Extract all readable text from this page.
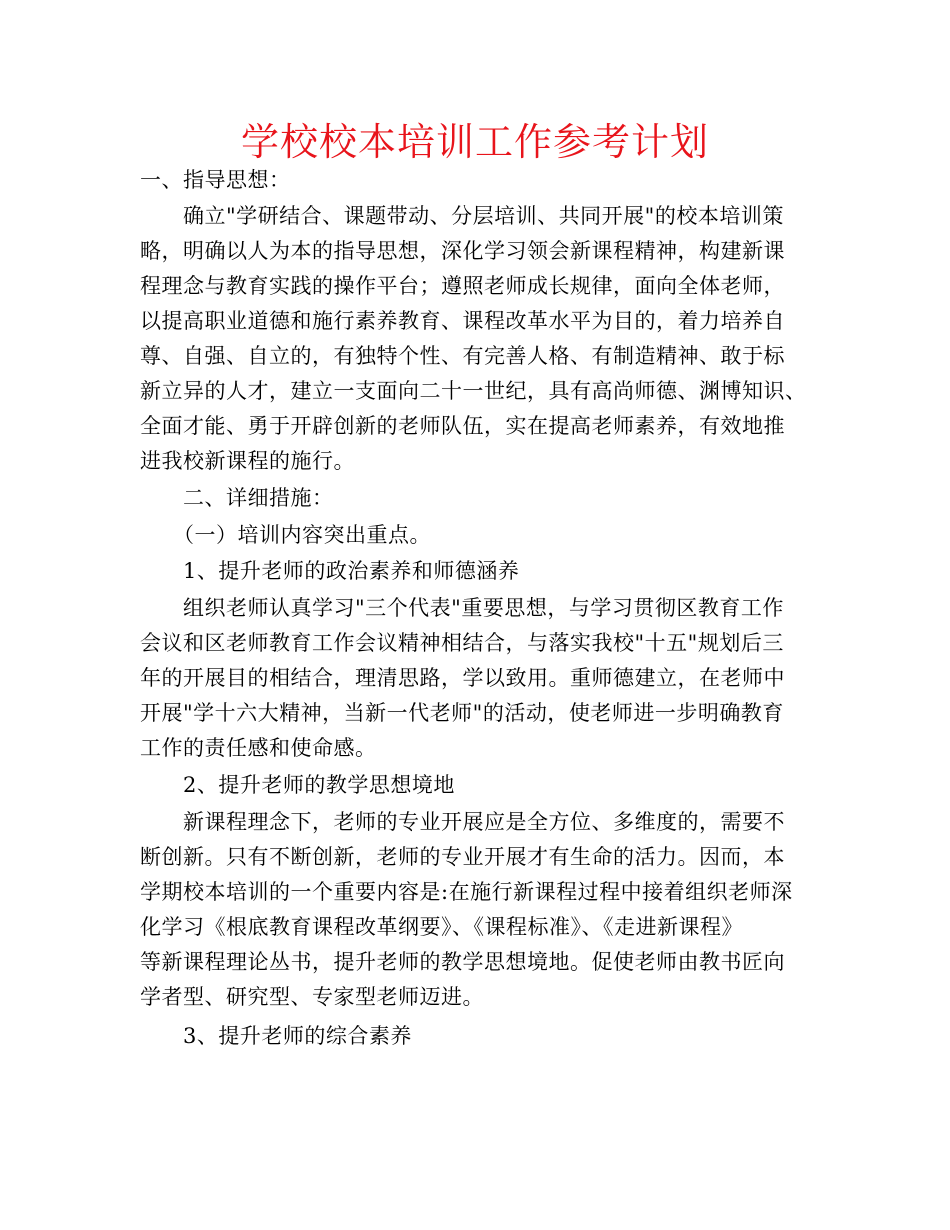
学校校本培训工作参考计划
一、指导思想：
确立"学研结合、课题带动、分层培训、共同开展"的校本培训策
略，明确以人为本的指导思想，深化学习领会新课程精神，构建新课
程理念与教育实践的操作平台；遵照老师成长规律，面向全体老师，
以提高职业道德和施行素养教育、课程改革水平为目的，着力培养自
尊、自强、自立的，有独特个性、有完善人格、有制造精神、敢于标
新立异的人才，建立一支面向二十一世纪，具有高尚师德、渊博知识、
全面才能、勇于开辟创新的老师队伍，实在提高老师素养，有效地推
进我校新课程的施行。
二、详细措施：
（一）培训内容突出重点。
1、提升老师的政治素养和师德涵养
组织老师认真学习"三个代表"重要思想，与学习贯彻区教育工作
会议和区老师教育工作会议精神相结合，与落实我校"十五"规划后三
年的开展目的相结合，理清思路，学以致用。重师德建立，在老师中
开展"学十六大精神，当新一代老师"的活动，使老师进一步明确教育
工作的责任感和使命感。
2、提升老师的教学思想境地
新课程理念下，老师的专业开展应是全方位、多维度的，需要不
断创新。只有不断创新，老师的专业开展才有生命的活力。因而，本
学期校本培训的一个重要内容是:在施行新课程过程中接着组织老师深
化学习《根底教育课程改革纲要》、《课程标准》、《走进新课程》
等新课程理论丛书，提升老师的教学思想境地。促使老师由教书匠向
学者型、研究型、专家型老师迈进。
3、提升老师的综合素养
